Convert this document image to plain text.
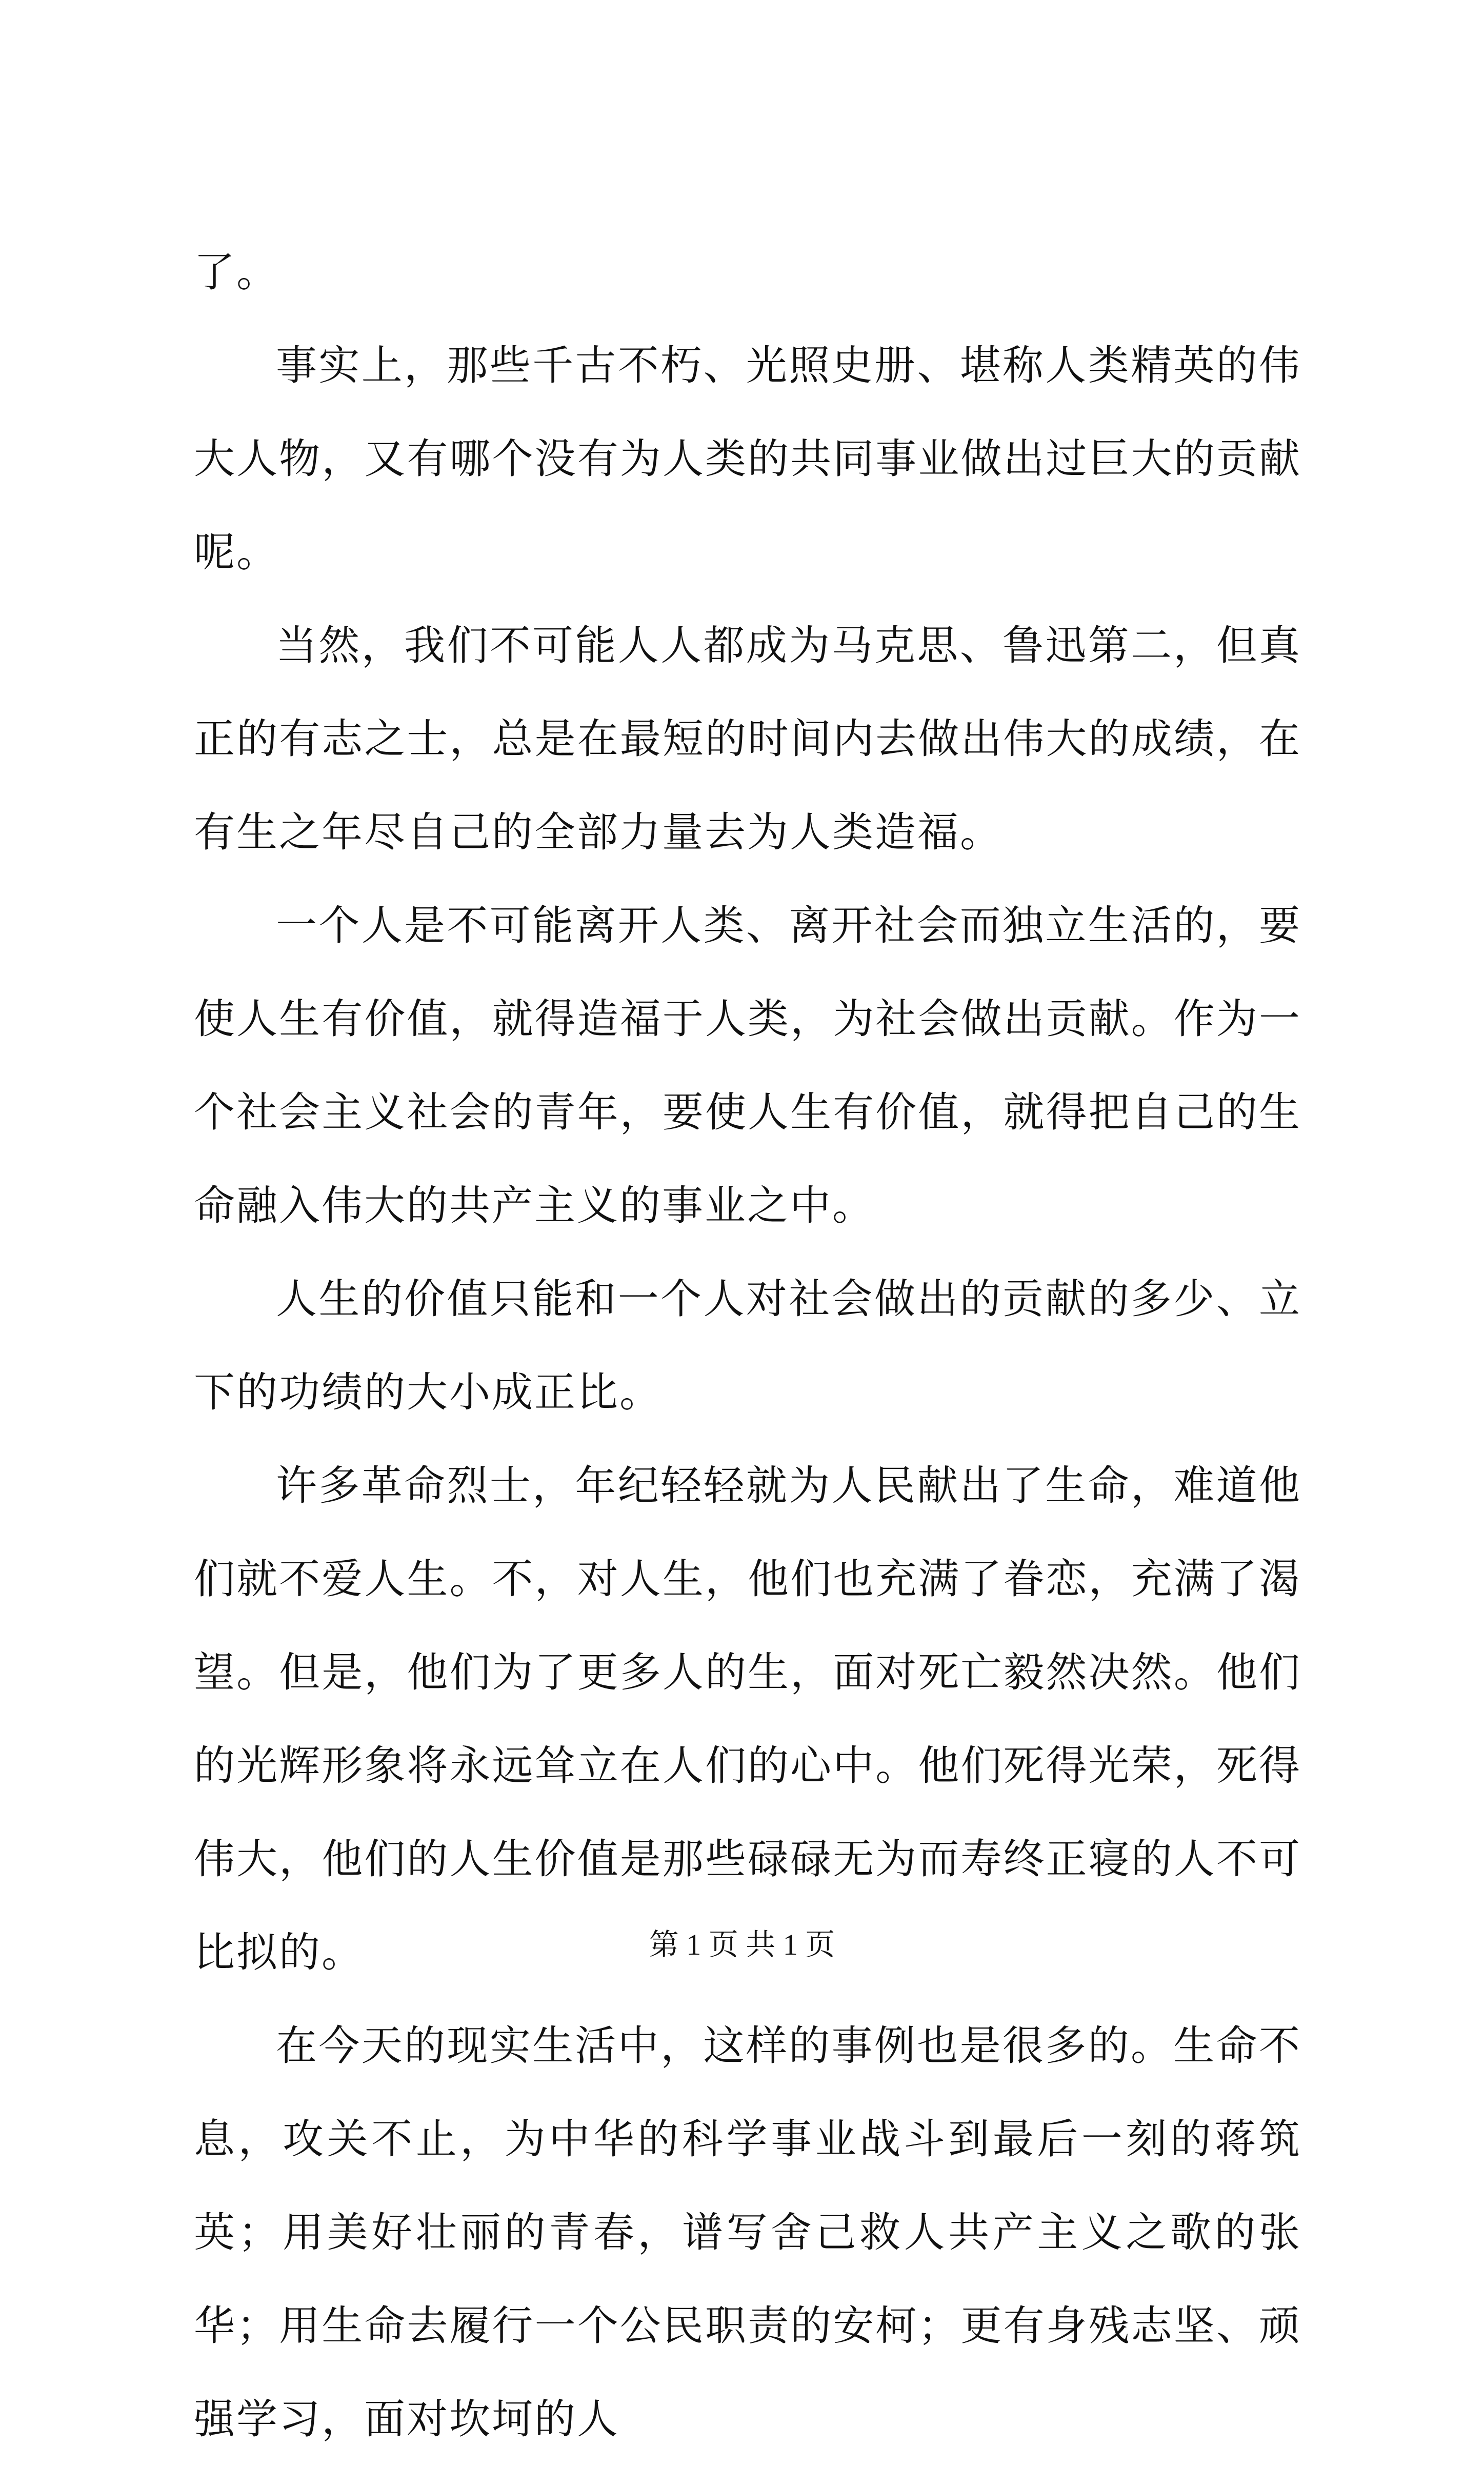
了。

事实上，那些千古不朽、光照史册、堪称人类精英的伟大人物，又有哪个没有为人类的共同事业做出过巨大的贡献呢。

当然，我们不可能人人都成为马克思、鲁迅第二，但真正的有志之士，总是在最短的时间内去做出伟大的成绩，在有生之年尽自己的全部力量去为人类造福。

一个人是不可能离开人类、离开社会而独立生活的，要使人生有价值，就得造福于人类，为社会做出贡献。作为一个社会主义社会的青年，要使人生有价值，就得把自己的生命融入伟大的共产主义的事业之中。

人生的价值只能和一个人对社会做出的贡献的多少、立下的功绩的大小成正比。

许多革命烈士，年纪轻轻就为人民献出了生命，难道他们就不爱人生。不，对人生，他们也充满了眷恋，充满了渴望。但是，他们为了更多人的生，面对死亡毅然决然。他们的光辉形象将永远耸立在人们的心中。他们死得光荣，死得伟大，他们的人生价值是那些碌碌无为而寿终正寝的人不可比拟的。

在今天的现实生活中，这样的事例也是很多的。生命不息，攻关不止，为中华的科学事业战斗到最后一刻的蒋筑英；用美好壮丽的青春，谱写舍己救人共产主义之歌的张华；用生命去履行一个公民职责的安柯；更有身残志坚、顽强学习，面对坎坷的人

第 1 页 共 1 页
